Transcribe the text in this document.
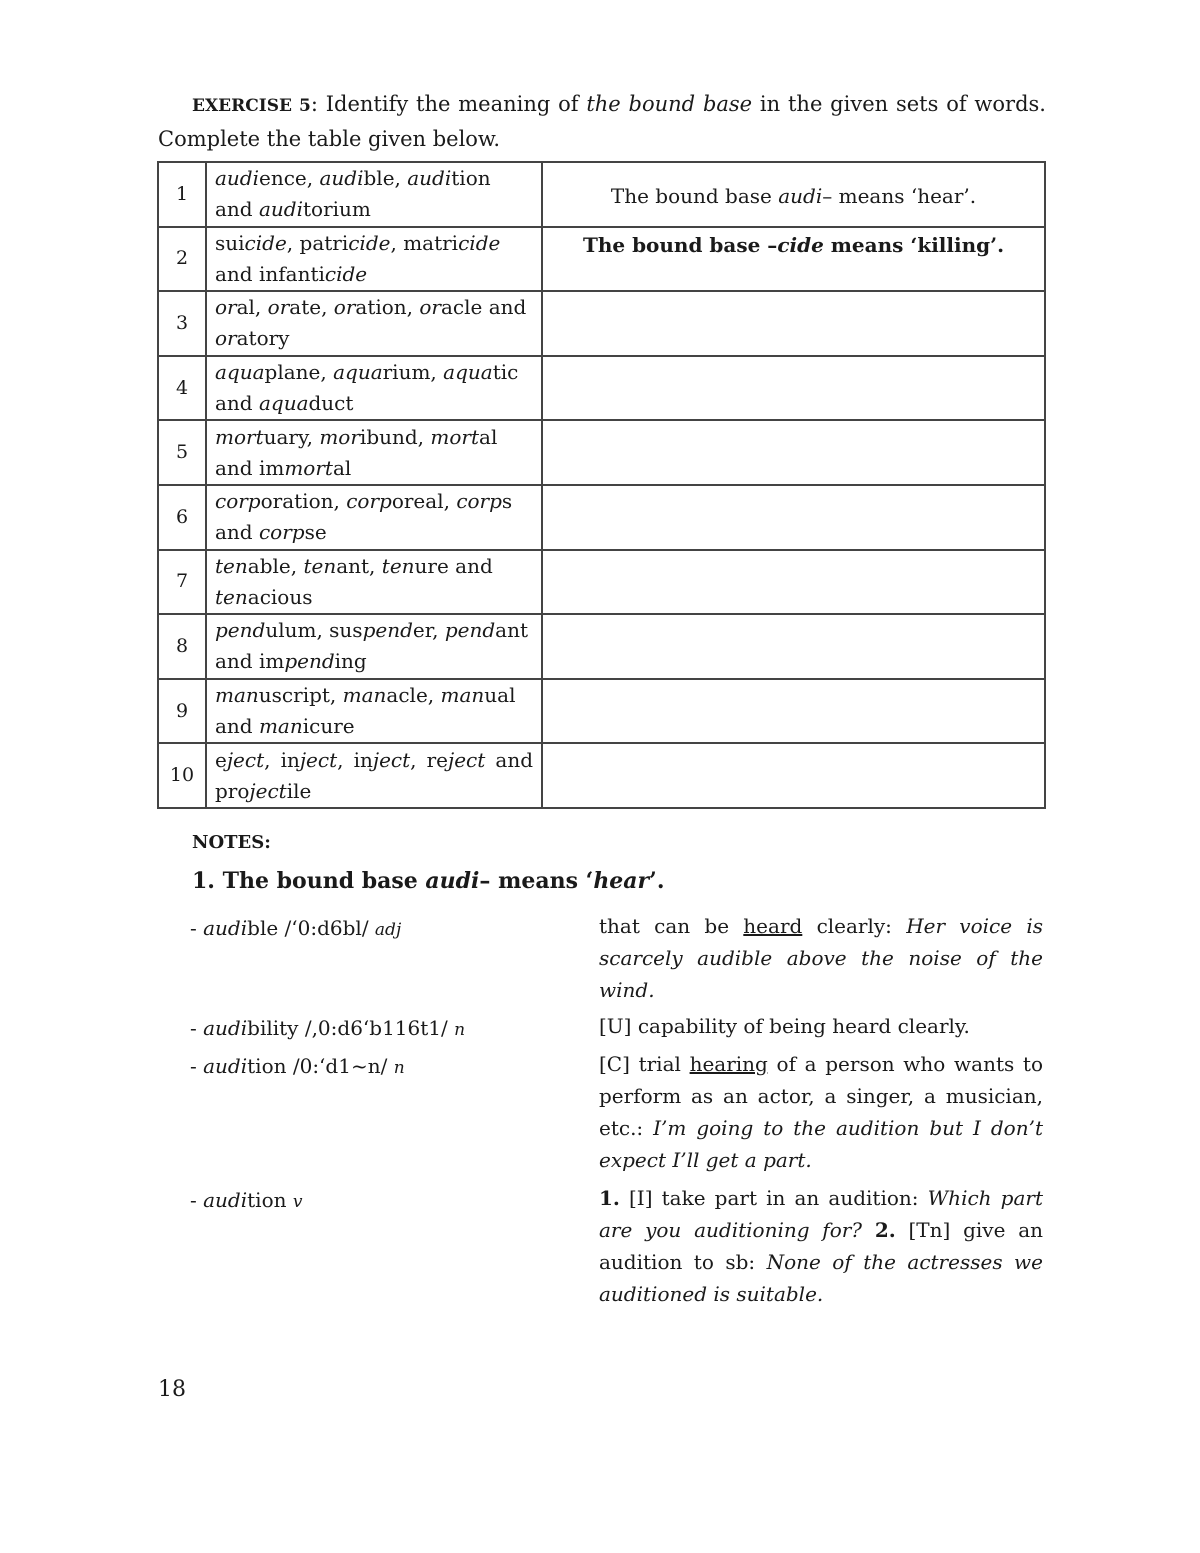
EXERCISE 5: Identify the meaning of the bound base in the given sets of words. Complete the table given below.
1	audience, audible, audition and auditorium	The bound base audi– means ‘hear’.
2	suicide, patricide, matricide and infanticide	The bound base –cide means ‘killing’.
3	oral, orate, oration, oracle and oratory	
4	aquaplane, aquarium, aquatic and aquaduct	
5	mortuary, moribund, mortal and immortal	
6	corporation, corporeal, corps and corpse	
7	tenable, tenant, tenure and tenacious	
8	pendulum, suspender, pendant and impending	
9	manuscript, manacle, manual and manicure	
10	eject, inject, inject, reject and projectile	
NOTES:
1. The bound base audi– means ‘hear’.
- audible /‘0:d6bl/ adj	that can be heard clearly: Her voice is scarcely audible above the noise of the wind.
- audibility /,0:d6‘b116t1/ n	[U] capability of being heard clearly.
- audition /0:‘d1~n/ n	[C] trial hearing of a person who wants to perform as an actor, a singer, a musician, etc.: I’m going to the audition but I don’t expect I’ll get a part.
- audition v	1. [I] take part in an audition: Which part are you auditioning for? 2. [Tn] give an audition to sb: None of the actresses we auditioned is suitable.
18
